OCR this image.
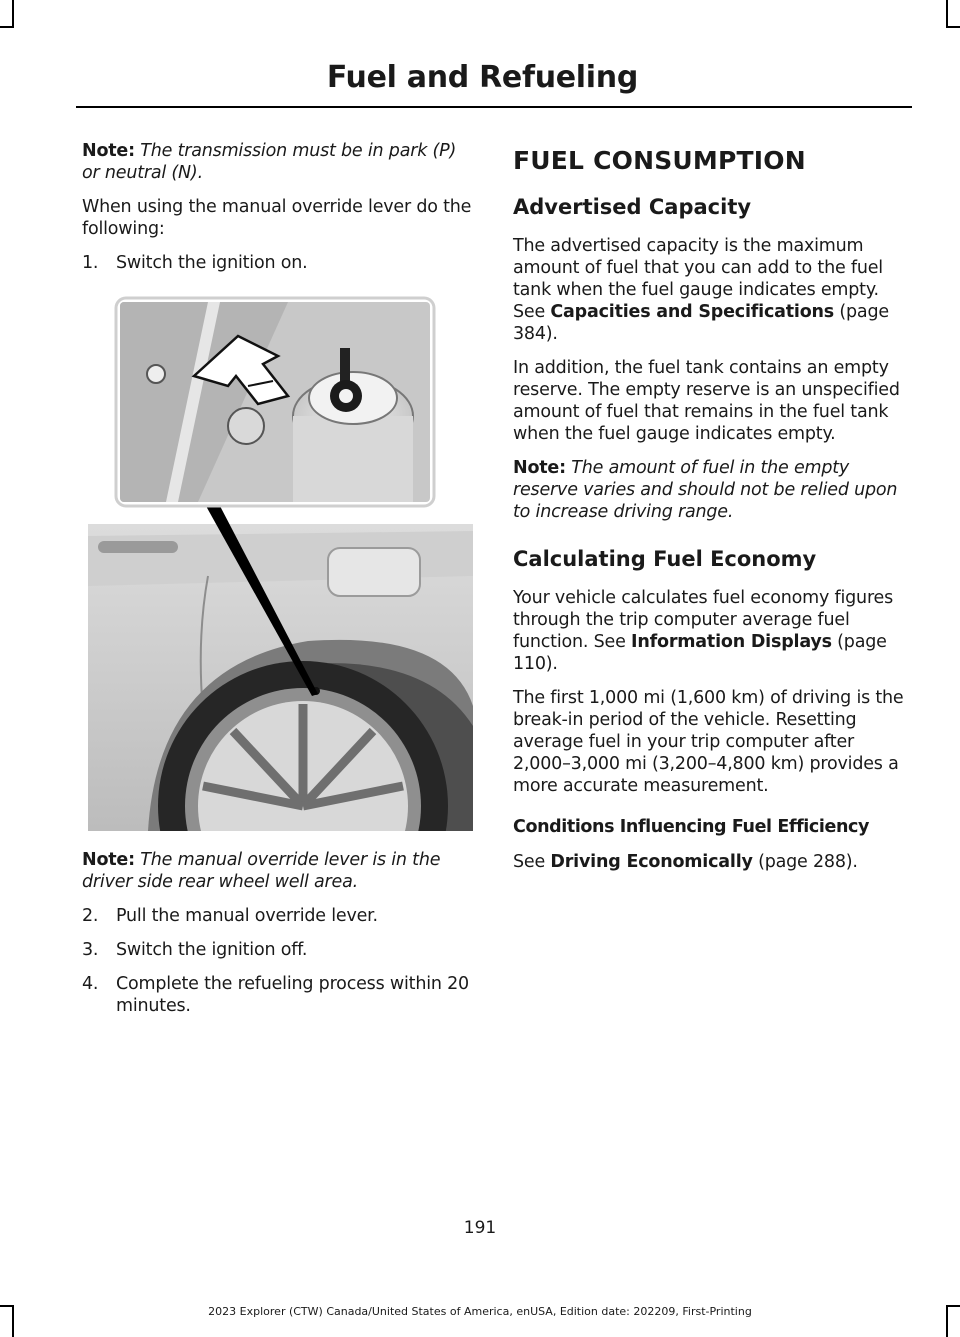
Fuel and Refueling

Note: The transmission must be in park (P) or neutral (N).

When using the manual override lever do the following:

1.	Switch the ignition on.

Note: The manual override lever is in the driver side rear wheel well area.

2.	Pull the manual override lever.
3.	Switch the ignition off.
4.	Complete the refueling process within 20 minutes.
FUEL CONSUMPTION
Advertised Capacity

The advertised capacity is the maximum amount of fuel that you can add to the fuel tank when the fuel gauge indicates empty. See Capacities and Specifications (page 384).

In addition, the fuel tank contains an empty reserve. The empty reserve is an unspecified amount of fuel that remains in the fuel tank when the fuel gauge indicates empty.

Note: The amount of fuel in the empty reserve varies and should not be relied upon to increase driving range.

Calculating Fuel Economy

Your vehicle calculates fuel economy figures through the trip computer average fuel function. See Information Displays (page 110).

The first 1,000 mi (1,600 km) of driving is the break-in period of the vehicle. Resetting average fuel in your trip computer after 2,000–3,000 mi (3,200–4,800 km) provides a more accurate measurement.

Conditions Influencing Fuel Efficiency

See Driving Economically (page 288).

191
2023 Explorer (CTW) Canada/United States of America, enUSA, Edition date: 202209, First-Printing
